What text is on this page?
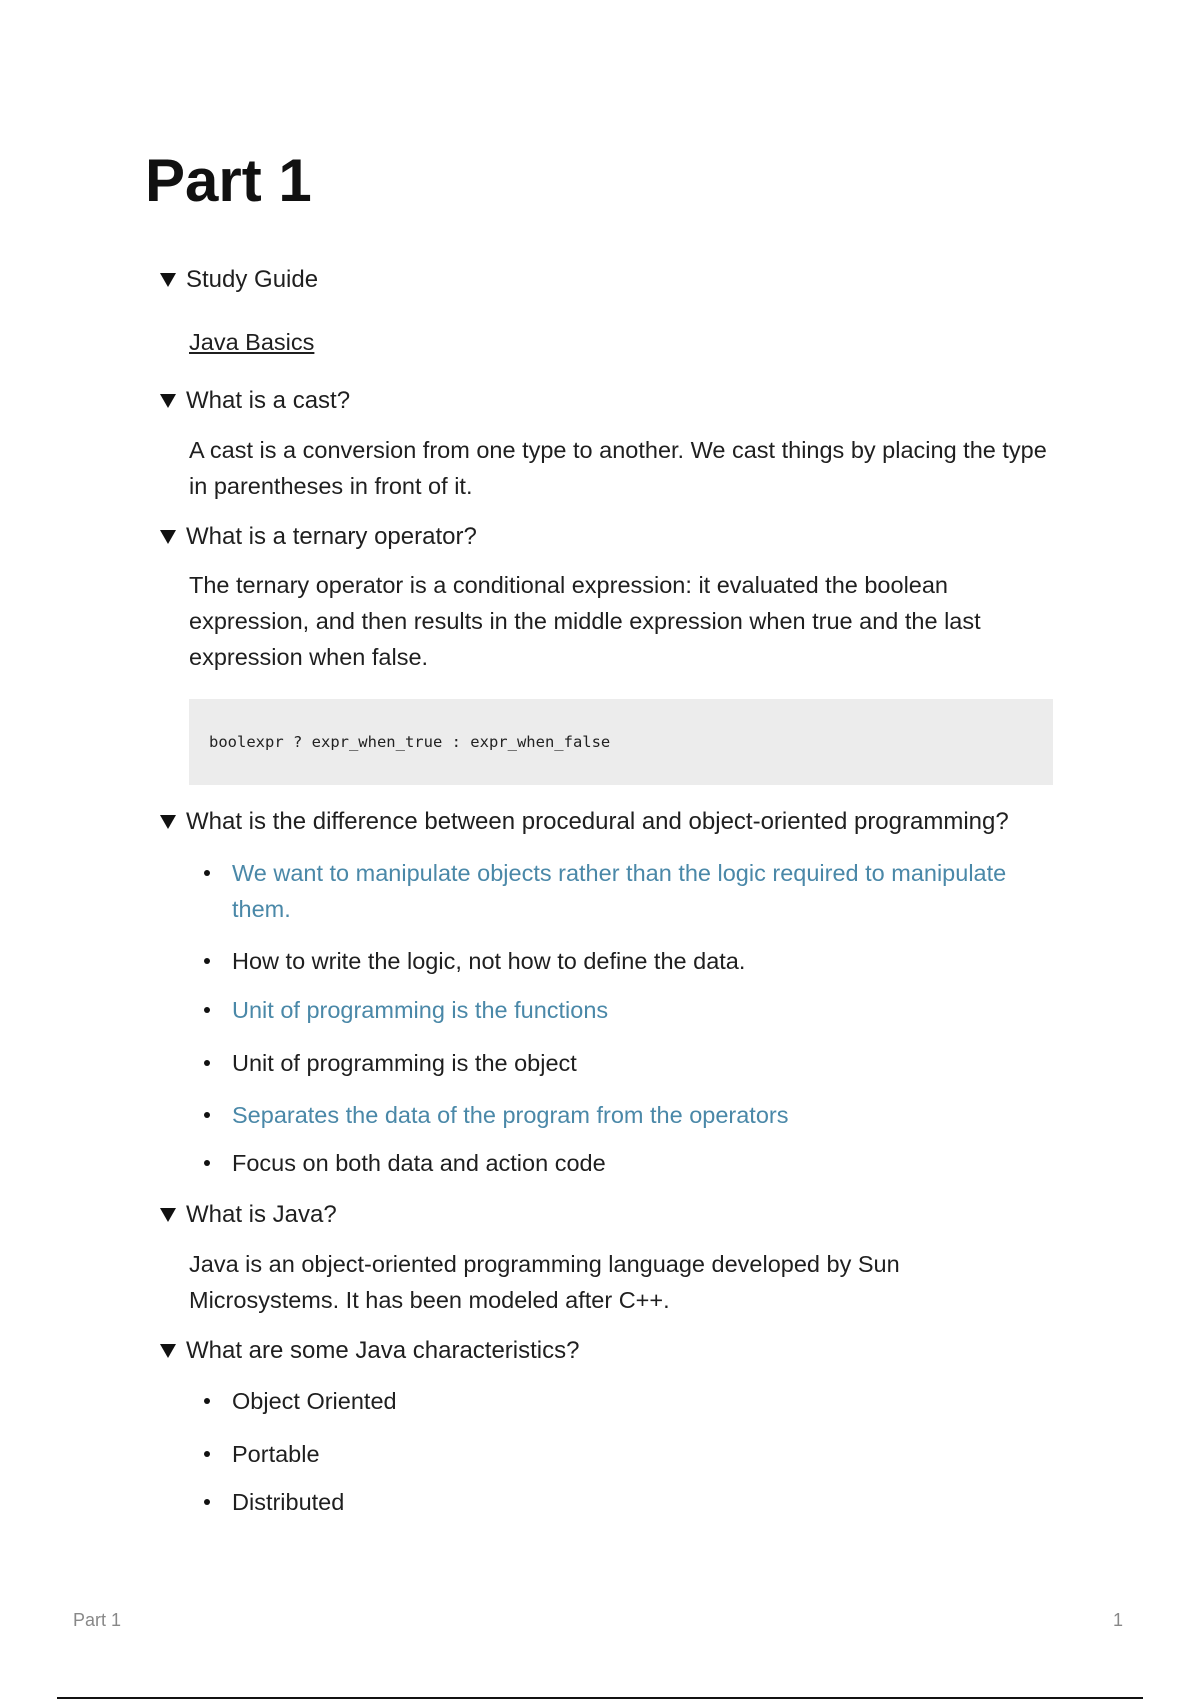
Part 1
Study Guide

Java Basics

What is a cast?

A cast is a conversion from one type to another. We cast things by placing the type in parentheses in front of it.

What is a ternary operator?

The ternary operator is a conditional expression: it evaluated the boolean expression, and then results in the middle expression when true and the last expression when false.

boolexpr ? expr_when_true : expr_when_false
What is the difference between procedural and object-oriented programming?
We want to manipulate objects rather than the logic required to manipulate them.
How to write the logic, not how to define the data.
Unit of programming is the functions
Unit of programming is the object
Separates the data of the program from the operators
Focus on both data and action code
What is Java?

Java is an object-oriented programming language developed by Sun Microsystems. It has been modeled after C++.

What are some Java characteristics?
Object Oriented
Portable
Distributed
Part 1	1
